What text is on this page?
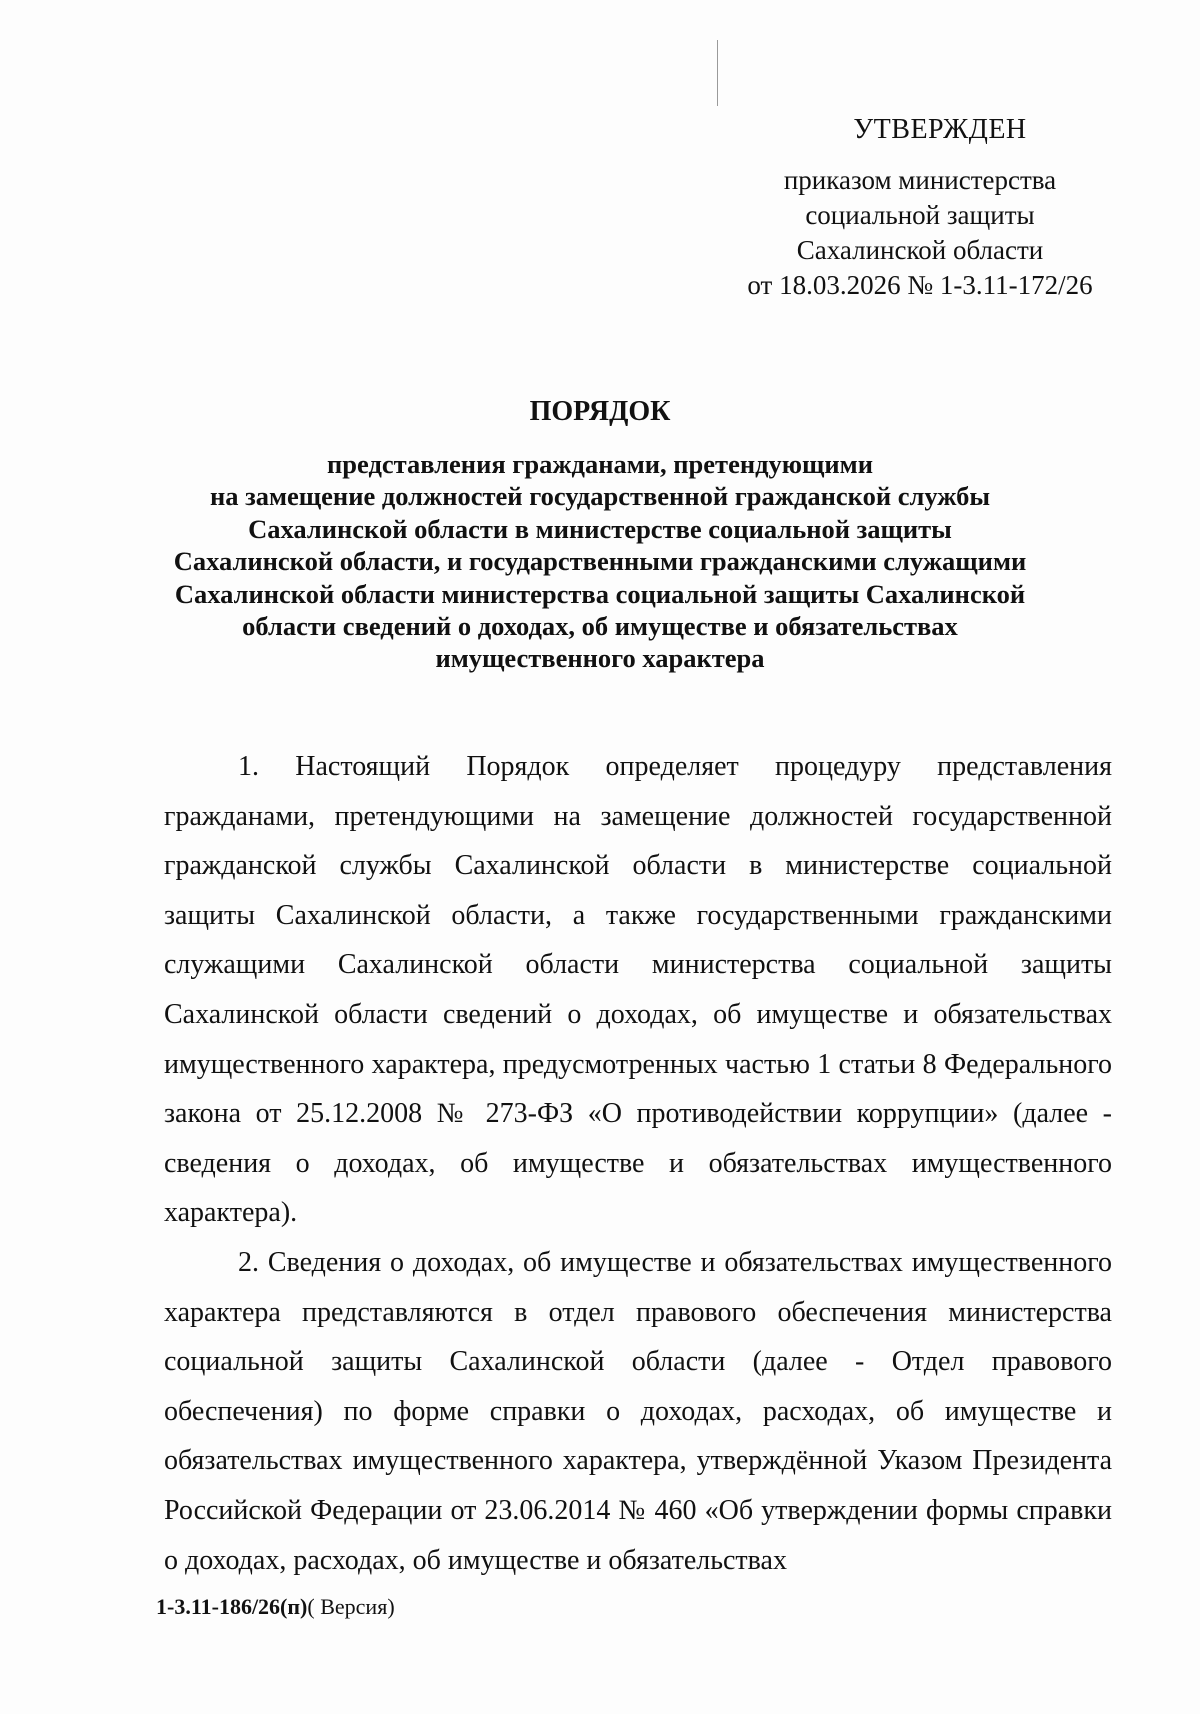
УТВЕРЖДЕН
приказом министерства
социальной защиты
Сахалинской области
от 18.03.2026 № 1-3.11-172/26
ПОРЯДОК
представления гражданами, претендующими
на замещение должностей государственной гражданской службы
Сахалинской области в министерстве социальной защиты
Сахалинской области, и государственными гражданскими служащими
Сахалинской области министерства социальной защиты Сахалинской
области сведений о доходах, об имуществе и обязательствах
имущественного характера

1. Настоящий Порядок определяет процедуру представления гражданами, претендующими на замещение должностей государственной гражданской службы Сахалинской области в министерстве социальной защиты Сахалинской области, а также государственными гражданскими служащими Сахалинской области министерства социальной защиты Сахалинской области сведений о доходах, об имуществе и обязательствах имущественного характера, предусмотренных частью 1 статьи 8 Федерального закона от 25.12.2008 № 273-ФЗ «О противодействии коррупции» (далее - сведения о доходах, об имуществе и обязательствах имущественного характера).

2. Сведения о доходах, об имуществе и обязательствах имущественного характера представляются в отдел правового обеспечения министерства социальной защиты Сахалинской области (далее - Отдел правового обеспечения) по форме справки о доходах, расходах, об имуществе и обязательствах имущественного характера, утверждённой Указом Президента Российской Федерации от 23.06.2014 № 460 «Об утверждении формы справки о доходах, расходах, об имуществе и обязательствах

1-3.11-186/26(п)( Версия)
